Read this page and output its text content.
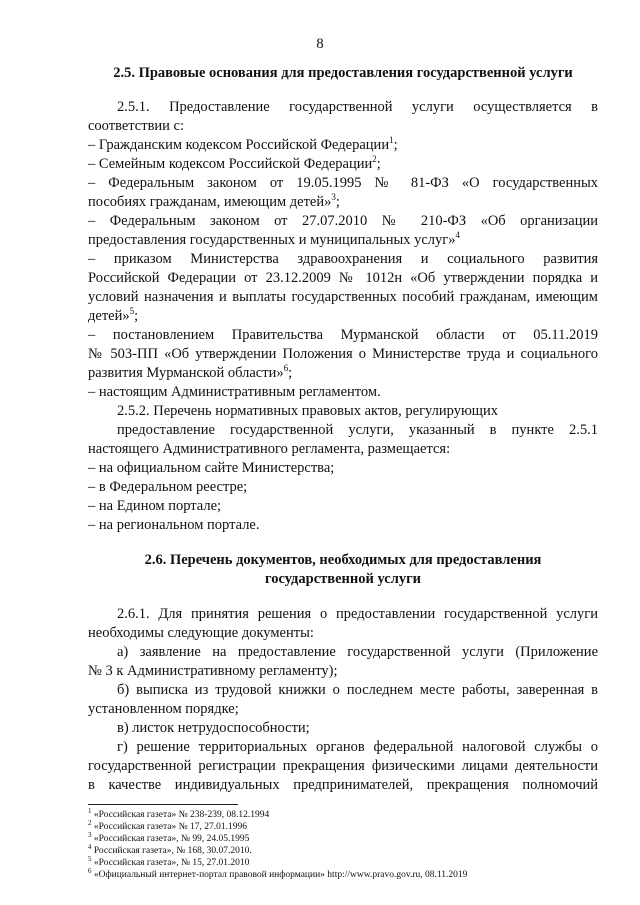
8
2.5. Правовые основания для предоставления государственной услуги
2.5.1. Предоставление государственной услуги осуществляется в
соответствии с:
– Гражданским кодексом Российской Федерации$^1$;
– Семейным кодексом Российской Федерации$^2$;
– Федеральным законом от 19.05.1995 № 81-ФЗ «О государственных
пособиях гражданам, имеющим детей»$^3$;
– Федеральным законом от 27.07.2010 № 210-ФЗ «Об организации
предоставления государственных и муниципальных услуг»$^4$
– приказом Министерства здравоохранения и социального развития
Российской Федерации от 23.12.2009 № 1012н «Об утверждении порядка и
условий назначения и выплаты государственных пособий гражданам, имеющим
детей»$^5$;
– постановлением Правительства Мурманской области от 05.11.2019
№ 503-ПП «Об утверждении Положения о Министерстве труда и социального
развития Мурманской области»$^6$;
– настоящим Административным регламентом.
2.5.2. Перечень нормативных правовых актов, регулирующих
предоставление государственной услуги, указанный в пункте 2.5.1
настоящего Административного регламента, размещается:
– на официальном сайте Министерства;
– в Федеральном реестре;
– на Едином портале;
– на региональном портале.
2.6. Перечень документов, необходимых для предоставления
государственной услуги
2.6.1. Для принятия решения о предоставлении государственной услуги
необходимы следующие документы:
а) заявление на предоставление государственной услуги (Приложение
№ 3 к Административному регламенту);
б) выписка из трудовой книжки о последнем месте работы, заверенная в
установленном порядке;
в) листок нетрудоспособности;
г) решение территориальных органов федеральной налоговой службы о
государственной регистрации прекращения физическими лицами деятельности
в качестве индивидуальных предпринимателей, прекращения полномочий
$^1$ «Российская газета» № 238-239, 08.12.1994
$^2$ «Российская газета» № 17, 27.01.1996
$^3$ «Российская газета», № 99, 24.05.1995
$^4$ Российская газета», № 168, 30.07.2010.
$^5$ «Российская газета», № 15, 27.01.2010
$^6$ «Официальный интернет-портал правовой информации» http://www.pravo.gov.ru, 08.11.2019
